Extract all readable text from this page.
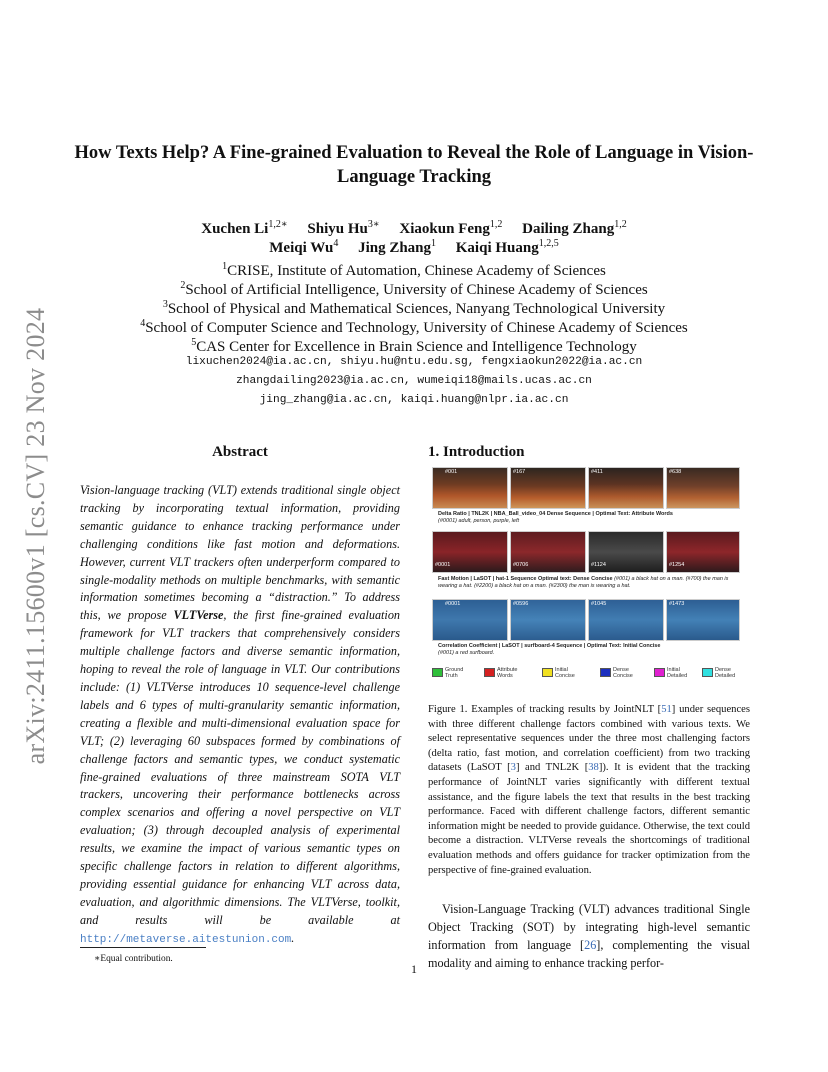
arXiv:2411.15600v1 [cs.CV] 23 Nov 2024
How Texts Help? A Fine-grained Evaluation to Reveal the Role of Language in Vision-Language Tracking
Xuchen $Li^{1,2∗}$ Shiyu $Hu^{3∗}$ Xiaokun Feng$^{1,2}$ Dailing Zhang$^{1,2}$
Meiqi Wu$^4$ Jing Zhang$^1$ Kaiqi Huang$^{1,2,5}$
$^1$CRISE, Institute of Automation, Chinese Academy of Sciences
$^2$School of Artificial Intelligence, University of Chinese Academy of Sciences
$^3$School of Physical and Mathematical Sciences, Nanyang Technological University
$^4$School of Computer Science and Technology, University of Chinese Academy of Sciences
$^5$CAS Center for Excellence in Brain Science and Intelligence Technology
lixuchen2024@ia.ac.cn, shiyu.hu@ntu.edu.sg, fengxiaokun2022@ia.ac.cn
zhangdailing2023@ia.ac.cn, wumeiqi18@mails.ucas.ac.cn
jing_zhang@ia.ac.cn, kaiqi.huang@nlpr.ia.ac.cn
Abstract
Vision-language tracking (VLT) extends traditional single object tracking by incorporating textual information, providing semantic guidance to enhance tracking performance under challenging conditions like fast motion and deformations. However, current VLT trackers often underperform compared to single-modality methods on multiple benchmarks, with semantic information sometimes becoming a “distraction.” To address this, we propose VLTVerse, the first fine-grained evaluation framework for VLT trackers that comprehensively considers multiple challenge factors and diverse semantic information, hoping to reveal the role of language in VLT. Our contributions include: (1) VLTVerse introduces 10 sequence-level challenge labels and 6 types of multi-granularity semantic information, creating a flexible and multi-dimensional evaluation space for VLT; (2) leveraging 60 subspaces formed by combinations of challenge factors and semantic types, we conduct systematic fine-grained evaluations of three mainstream SOTA VLT trackers, uncovering their performance bottlenecks across complex scenarios and offering a novel perspective on VLT evaluation; (3) through decoupled analysis of experimental results, we examine the impact of various semantic types on specific challenge factors in relation to different algorithms, providing essential guidance for enhancing VLT across data, evaluation, and algorithmic dimensions. The VLTVerse, toolkit, and results will be available at http://metaverse.aitestunion.com.
∗Equal contribution.
1. Introduction
#001	#167	#411	#638
Delta Ratio | TNL2K | NBA_Ball_video_04 Dense Sequence | Optimal Text: Attribute Words
(#0001) adult, person, purple, left
#0001	#0706	#1124	#1254
Fast Motion | LaSOT | hat-1 Sequence Optimal text: Dense Concise (#001) a black hat on a man. (#700) the man is wearing a hat. (#2200) a black hat on a man. (#2300) the man is wearing a hat.
#0001	#0596	#1045	#1473
Correlation Coefficient | LaSOT | surfboard-4 Sequence | Optimal Text: Initial Concise
(#001) a red surfboard.
Ground Truth
Attribute Words
Initial Concise
Dense Concise
Initial Detailed
Dense Detailed
Figure 1. Examples of tracking results by JointNLT [51] under sequences with three different challenge factors combined with various texts. We select representative sequences under the three most challenging factors (delta ratio, fast motion, and correlation coefficient) from two tracking datasets (LaSOT [3] and TNL2K [38]). It is evident that the tracking performance of JointNLT varies significantly with different textual assistance, and the figure labels the text that results in the best tracking performance. Faced with different challenge factors, different semantic information might be needed to provide guidance. Otherwise, the text could become a distraction. VLTVerse reveals the shortcomings of traditional evaluation methods and offers guidance for tracker optimization from the perspective of fine-grained evaluation.
Vision-Language Tracking (VLT) advances traditional Single Object Tracking (SOT) by integrating high-level semantic information from language [26], complementing the visual modality and aiming to enhance tracking perfor-
1
